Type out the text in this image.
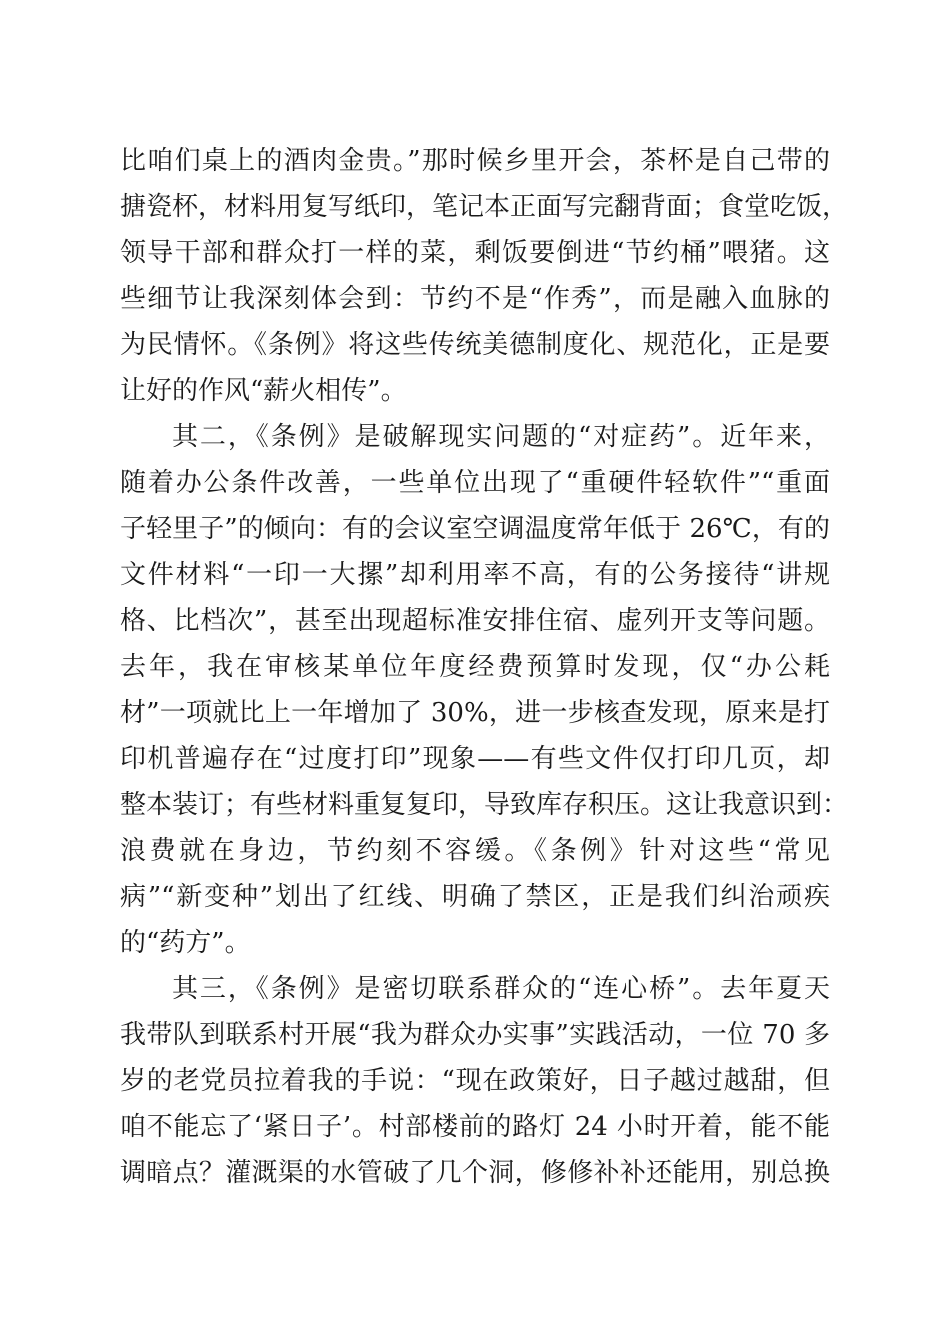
比咱们桌上的酒肉金贵。”那时候乡里开会，茶杯是自己带的
搪瓷杯，材料用复写纸印，笔记本正面写完翻背面；食堂吃饭，
领导干部和群众打一样的菜，剩饭要倒进“节约桶”喂猪。这
些细节让我深刻体会到：节约不是“作秀”，而是融入血脉的
为民情怀。《条例》将这些传统美德制度化、规范化，正是要
让好的作风“薪火相传”。
其二，《条例》是破解现实问题的“对症药”。近年来，
随着办公条件改善，一些单位出现了“重硬件轻软件”“重面
子轻里子”的倾向：有的会议室空调温度常年低于 26℃，有的
文件材料“一印一大摞”却利用率不高，有的公务接待“讲规
格、比档次”，甚至出现超标准安排住宿、虚列开支等问题。
去年，我在审核某单位年度经费预算时发现，仅“办公耗
材”一项就比上一年增加了 30%，进一步核查发现，原来是打
印机普遍存在“过度打印”现象——有些文件仅打印几页，却
整本装订；有些材料重复复印，导致库存积压。这让我意识到：
浪费就在身边，节约刻不容缓。《条例》针对这些“常见
病”“新变种”划出了红线、明确了禁区，正是我们纠治顽疾
的“药方”。
其三，《条例》是密切联系群众的“连心桥”。去年夏天
我带队到联系村开展“我为群众办实事”实践活动，一位 70 多
岁的老党员拉着我的手说：“现在政策好，日子越过越甜，但
咱不能忘了‘紧日子’。村部楼前的路灯 24 小时开着，能不能
调暗点？灌溉渠的水管破了几个洞，修修补补还能用，别总换
